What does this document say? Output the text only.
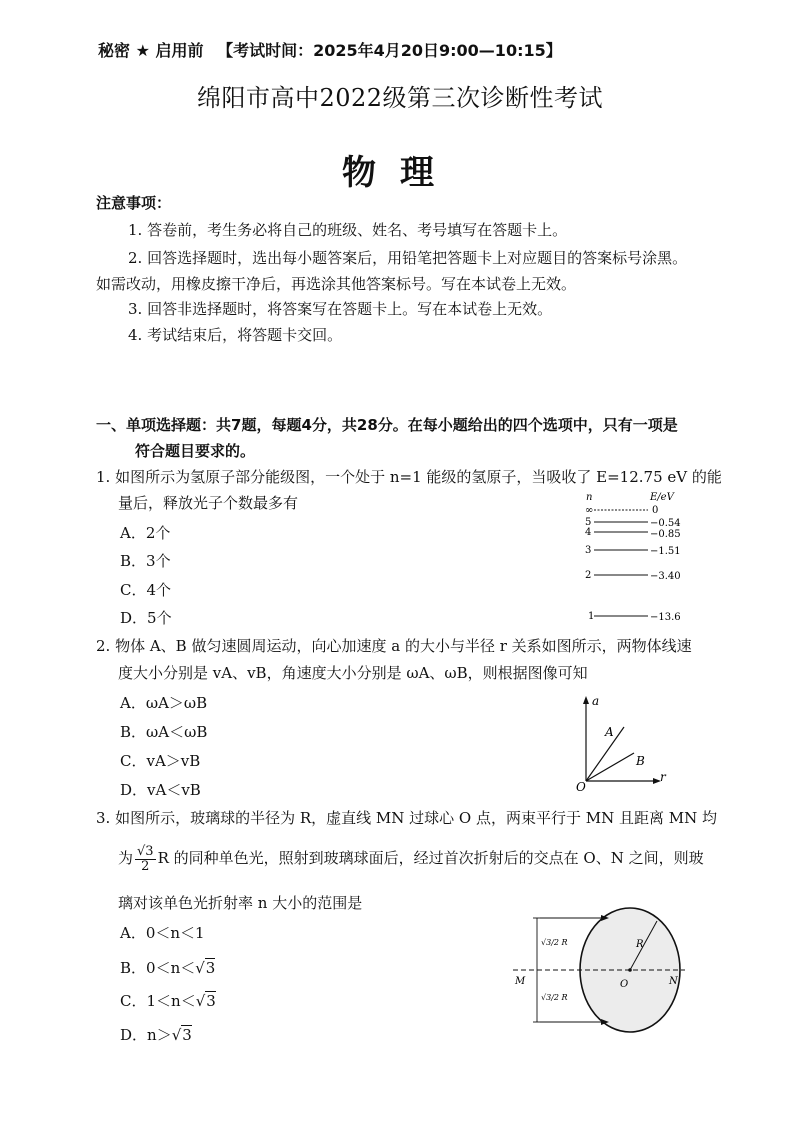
秘密 ★ 启用前 【考试时间：2025年4月20日9:00—10:15】
绵阳市高中2022级第三次诊断性考试
物理
注意事项：
1. 答卷前，考生务必将自己的班级、姓名、考号填写在答题卡上。
2. 回答选择题时，选出每小题答案后，用铅笔把答题卡上对应题目的答案标号涂黑。
如需改动，用橡皮擦干净后，再选涂其他答案标号。写在本试卷上无效。
3. 回答非选择题时，将答案写在答题卡上。写在本试卷上无效。
4. 考试结束后，将答题卡交回。
一、单项选择题：共7题，每题4分，共28分。在每小题给出的四个选项中，只有一项是
符合题目要求的。
1. 如图所示为氢原子部分能级图，一个处于 n=1 能级的氢原子，当吸收了 E=12.75 eV 的能
量后，释放光子个数最多有
A．2个
B．3个
C．4个
D．5个
n	E/eV
∞	0
5	−0.54
4	−0.85
3	−1.51
2	−3.40
1	−13.6
2. 物体 A、B 做匀速圆周运动，向心加速度 a 的大小与半径 r 关系如图所示，两物体线速
度大小分别是 vA、vB，角速度大小分别是 ωA、ωB，则根据图像可知
A．ωA＞ωB
B．ωA＜ωB
C．vA＞vB
D．vA＜vB
a
r
O
A
B
3. 如图所示，玻璃球的半径为 R，虚直线 MN 过球心 O 点，两束平行于 MN 且距离 MN 均
为 $\frac{√3}{2}$ R 的同种单色光，照射到玻璃球面后，经过首次折射后的交点在 O、N 之间，则玻
璃对该单色光折射率 n 大小的范围是
A．0＜n＜1
B．0＜n＜√3
C．1＜n＜√3
D．n＞√3
√3/2 R
√3/2 R
R
O
M	N
